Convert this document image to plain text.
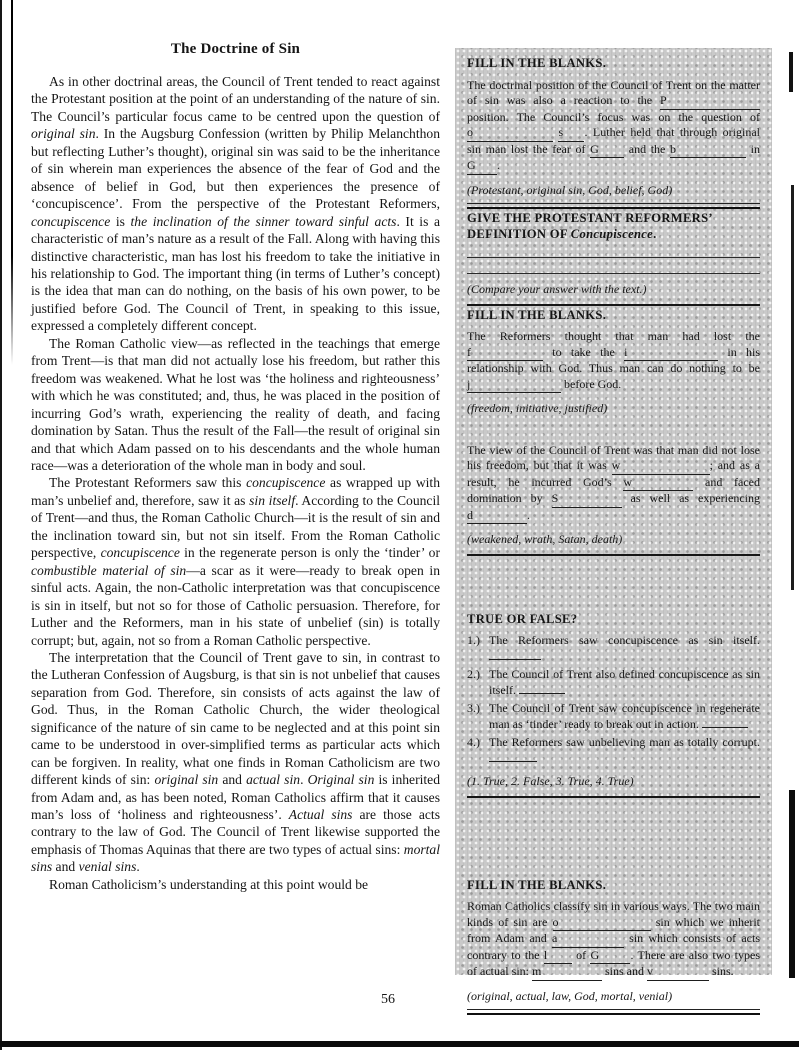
The Doctrine of Sin

As in other doctrinal areas, the Council of Trent tended to react against the Protestant position at the point of an understanding of the nature of sin. The Council’s particular focus came to be centred upon the question of original sin. In the Augsburg Confession (written by Philip Melanchthon but reflecting Luther’s thought), original sin was said to be the inheritance of sin wherein man experiences the absence of the fear of God and the absence of belief in God, but then experiences the presence of ‘concupiscence’. From the perspective of the Protestant Reformers, concupiscence is the inclination of the sinner toward sinful acts. It is a characteristic of man’s nature as a result of the Fall. Along with having this distinctive characteristic, man has lost his freedom to take the initiative in his relationship to God. The important thing (in terms of Luther’s concept) is the idea that man can do nothing, on the basis of his own power, to be justified before God. The Council of Trent, in speaking to this issue, expressed a completely different concept.

The Roman Catholic view—as reflected in the teachings that emerge from Trent—is that man did not actually lose his freedom, but rather this freedom was weakened. What he lost was ‘the holiness and righteousness’ with which he was constituted; and, thus, he was placed in the position of incurring God’s wrath, experiencing the reality of death, and facing domination by Satan. Thus the result of the Fall—the result of original sin and that which Adam passed on to his descendants and the whole human race—was a deterioration of the whole man in body and soul.

The Protestant Reformers saw this concupiscence as wrapped up with man’s unbelief and, therefore, saw it as sin itself. According to the Council of Trent—and thus, the Roman Catholic Church—it is the result of sin and the inclination toward sin, but not sin itself. From the Roman Catholic perspective, concupiscence in the regenerate person is only the ‘tinder’ or combustible material of sin—a scar as it were—ready to break open in sinful acts. Again, the non-Catholic interpretation was that concupiscence is sin in itself, but not so for those of Catholic persuasion. Therefore, for Luther and the Reformers, man in his state of unbelief (sin) is totally corrupt; but, again, not so from a Roman Catholic perspective.

The interpretation that the Council of Trent gave to sin, in contrast to the Lutheran Confession of Augsburg, is that sin is not unbelief that causes separation from God. Therefore, sin consists of acts against the law of God. Thus, in the Roman Catholic Church, the wider theological significance of the nature of sin came to be neglected and at this point sin came to be understood in over-simplified terms as particular acts which can be forgiven. In reality, what one finds in Roman Catholicism are two different kinds of sin: original sin and actual sin. Original sin is inherited from Adam and, as has been noted, Roman Catholics affirm that it causes man’s loss of ‘holiness and righteousness’. Actual sins are those acts contrary to the law of God. The Council of Trent likewise supported the emphasis of Thomas Aquinas that there are two types of actual sins: mortal sins and venial sins.

Roman Catholicism’s understanding at this point would be

FILL IN THE BLANKS.

The doctrinal position of the Council of Trent on the matter of sin was also a reaction to the P position. The Council’s focus was on the question of o	s . Luther held that through original sin man lost the fear of G and the b	in G .

(Protestant, original sin, God, belief, God)
GIVE THE PROTESTANT REFORMERS’ DEFINITION OF Concupiscence.
(Compare your answer with the text.)
FILL IN THE BLANKS.

The Reformers thought that man had lost the f	to take the i	in his relationship with God. Thus man can do nothing to be j	before God.

(freedom, initiative, justified)

The view of the Council of Trent was that man did not lose his freedom, but that it was w	; and as a result, he incurred God’s w	and faced domination by S	as well as experiencing d	.

(weakened, wrath, Satan, death)
TRUE OR FALSE?
1.) The Reformers saw concupiscence as sin itself.
2.) The Council of Trent also defined concupiscence as sin itself.
3.) The Council of Trent saw concupiscence in regenerate man as ‘tinder’ ready to break out in action.
4.) The Reformers saw unbelieving man as totally corrupt.
(1. True, 2. False, 3. True, 4. True)
FILL IN THE BLANKS.

Roman Catholics classify sin in various ways. The two main kinds of sin are o	sin which we inherit from Adam and a	sin which consists of acts contrary to the l of G	. There are also two types of actual sin: m	sins and v	sins.

(original, actual, law, God, mortal, venial)
56
